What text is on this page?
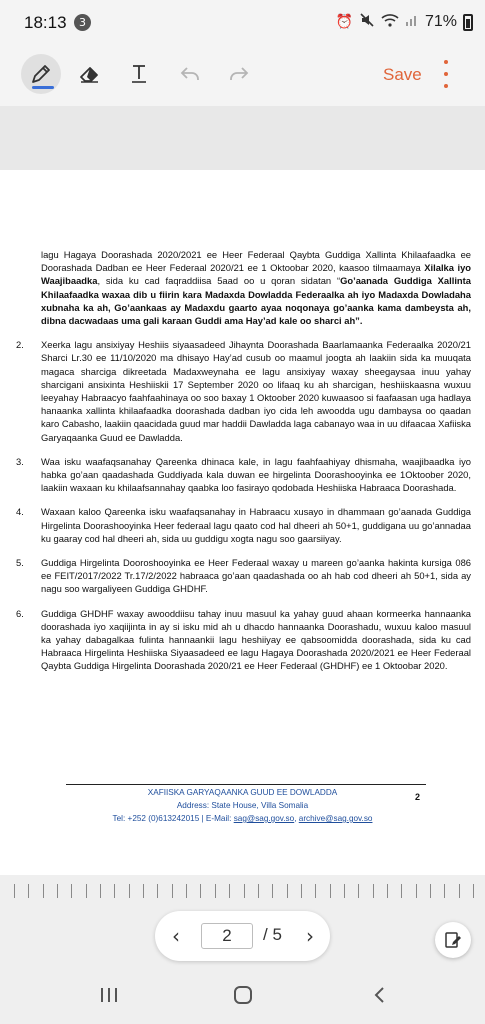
18:13	3	⏰	71%
Save

lagu Hagaya Doorashada 2020/2021 ee Heer Federaal Qaybta Guddiga Xallinta Khilaafaadka ee Doorashada Dadban ee Heer Federaal 2020/21 ee 1 Oktoobar 2020, kaasoo tilmaamaya Xilalka iyo Waajibaadka, sida ku cad faqraddiisa 5aad oo u qoran sidatan “Go’aanada Guddiga Xallinta Khilaafaadka waxaa dib u fiirin kara Madaxda Dowladda Federaalka ah iyo Madaxda Dowladaha xubnaha ka ah, Go’aankaas ay Madaxdu gaarto ayaa noqonaya go’aanka kama dambeysta ah, dibna dacwadaas uma gali karaan Guddi ama Hay’ad kale oo sharci ah”.

2.	Xeerka lagu ansixiyay Heshiis siyaasadeed Jihaynta Doorashada Baarlamaanka Federaalka 2020/21 Sharci Lr.30 ee 11/10/2020 ma dhisayo Hay’ad cusub oo maamul joogta ah laakiin sida ka muuqata magaca sharciga dikreetada Madaxweynaha ee lagu ansixiyay waxay sheegaysaa inuu yahay sharcigani ansixinta Heshiiskii 17 September 2020 oo lifaaq ku ah sharcigan, heshiiskaasna wuxuu leeyahay Habraacyo faahfaahinaya oo soo baxay 1 Oktoober 2020 kuwaasoo si faafaasan uga hadlaya hanaanka xallinta khilaafaadka doorashada dadban iyo cida leh awoodda ugu dambaysa oo qaadan karo Cabasho, laakiin qaacidada guud mar haddii Dawladda laga cabanayo waa in uu difaacaa Xafiiska Garyaqaanka Guud ee Dawladda.
3.	Waa isku waafaqsanahay Qareenka dhinaca kale, in lagu faahfaahiyay dhismaha, waajibaadka iyo habka go’aan qaadashada Guddiyada kala duwan ee hirgelinta Doorashooyinka ee 1Oktoober 2020, laakiin waxaan ku khilaafsannahay qaabka loo fasirayo qodobada Heshiiska Habraaca Doorashada.
4.	Waxaan kaloo Qareenka isku waafaqsanahay in Habraacu xusayo in dhammaan go’aanada Guddiga Hirgelinta Doorashooyinka Heer federaal lagu qaato cod hal dheeri ah 50+1, guddigana uu go’annadaa ku gaaray cod hal dheeri ah, sida uu guddigu xogta nagu soo gaarsiiyay.
5.	Guddiga Hirgelinta Dooroshooyinka ee Heer Federaal waxay u mareen go’aanka hakinta kursiga 086 ee FEIT/2017/2022 Tr.17/2/2022 habraaca go’aan qaadashada oo ah hab cod dheeri ah 50+1, sida ay nagu soo wargaliyeen Guddiga GHDHF.
6.	Guddiga GHDHF waxay awooddiisu tahay inuu masuul ka yahay guud ahaan kormeerka hannaanka doorashada iyo xaqiijinta in ay si isku mid ah u dhacdo hannaanka Doorashadu, wuxuu kaloo masuul ka yahay dabagalkaa fulinta hannaankii lagu heshiiyay ee qabsoomidda doorashada, sida ku cad Habraaca Hirgelinta Heshiiska Siyaasadeed ee lagu Hagaya Doorashada 2020/2021 ee Heer Federaal Qaybta Guddiga Hirgelinta Doorashada 2020/21 ee Heer Federaal (GHDHF) ee 1 Oktoobar 2020.
XAFIISKA GARYAQAANKA GUUD EE DOWLADDA	2
Address: State House, Villa Somalia
Tel: +252 (0)613242015 | E-Mail: sag@sag.gov.so, archive@sag.gov.so
‹	2	/ 5	›
